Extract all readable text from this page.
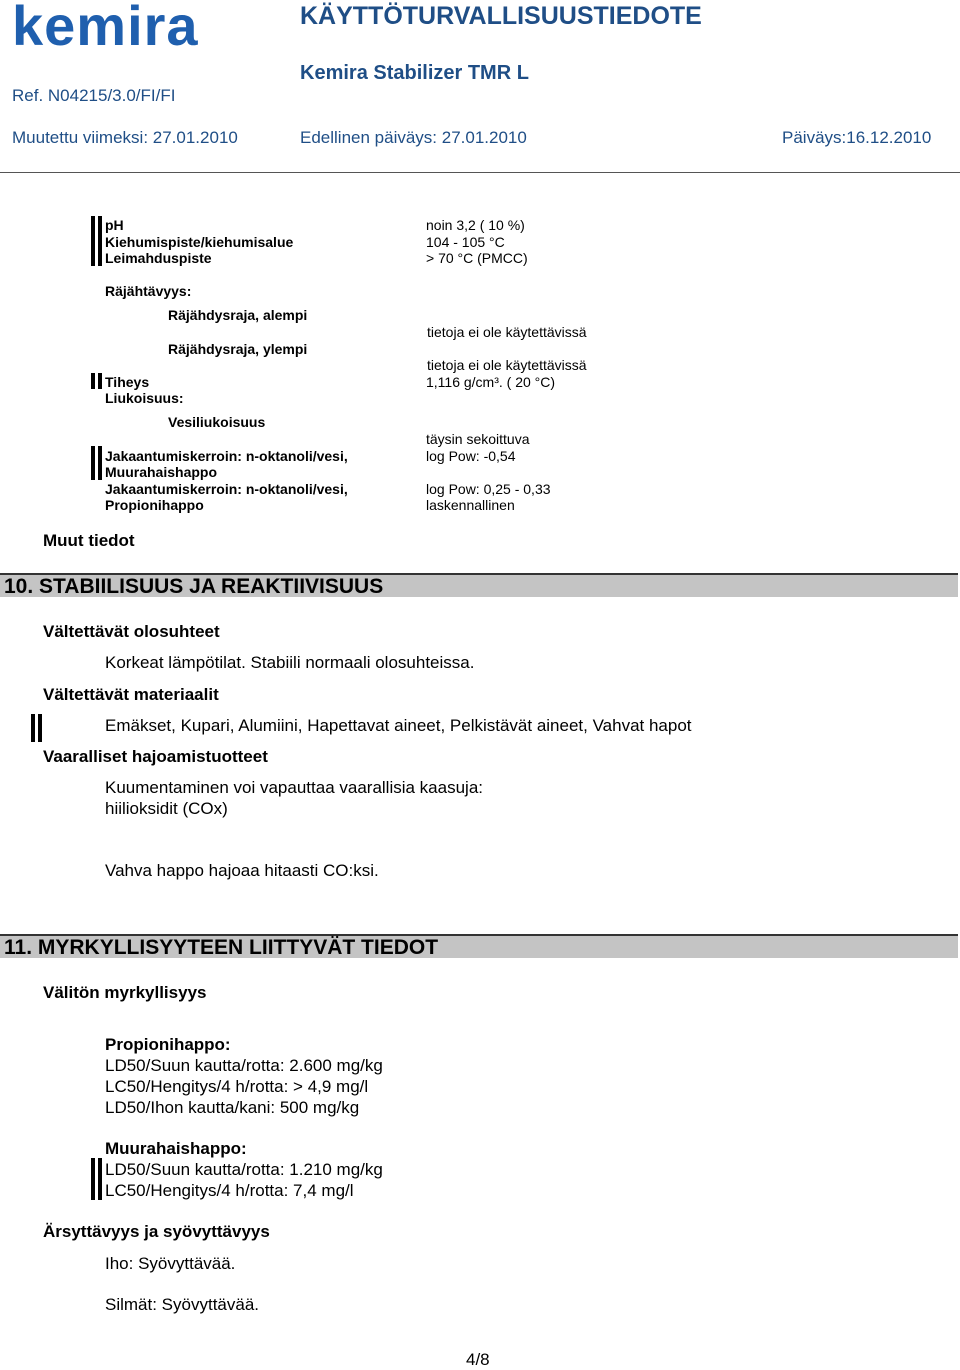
kemira	KÄYTTÖTURVALLISUUSTIEDOTE
Kemira Stabilizer TMR L
Ref. N04215/3.0/FI/FI
Muutettu viimeksi: 27.01.2010	Edellinen päiväys: 27.01.2010	Päiväys:16.12.2010
pH	noin 3,2 ( 10 %)
Kiehumispiste/kiehumisalue	104 - 105 °C
Leimahduspiste	> 70 °C (PMCC)
Räjähtävyys:
Räjähdysraja, alempi
tietoja ei ole käytettävissä
Räjähdysraja, ylempi
tietoja ei ole käytettävissä
Tiheys	1,116 g/cm³. ( 20 °C)
Liukoisuus:
Vesiliukoisuus
täysin sekoittuva
Jakaantumiskerroin: n-oktanoli/vesi,	log Pow: -0,54
Muurahaishappo
Jakaantumiskerroin: n-oktanoli/vesi,	log Pow: 0,25 - 0,33
Propionihappo	laskennallinen
Muut tiedot
10. STABIILISUUS JA REAKTIIVISUUS
Vältettävät olosuhteet
Korkeat lämpötilat. Stabiili normaali olosuhteissa.
Vältettävät materiaalit
Emäkset, Kupari, Alumiini, Hapettavat aineet, Pelkistävät aineet, Vahvat hapot
Vaaralliset hajoamistuotteet
Kuumentaminen voi vapauttaa vaarallisia kaasuja:
hiilioksidit (COx)
Vahva happo hajoaa hitaasti CO:ksi.
11. MYRKYLLISYYTEEN LIITTYVÄT TIEDOT
Välitön myrkyllisyys
Propionihappo:
LD50/Suun kautta/rotta: 2.600 mg/kg
LC50/Hengitys/4 h/rotta: > 4,9 mg/l
LD50/Ihon kautta/kani: 500 mg/kg
Muurahaishappo:
LD50/Suun kautta/rotta: 1.210 mg/kg
LC50/Hengitys/4 h/rotta: 7,4 mg/l
Ärsyttävyys ja syövyttävyys
Iho: Syövyttävää.
Silmät: Syövyttävää.
4/8
